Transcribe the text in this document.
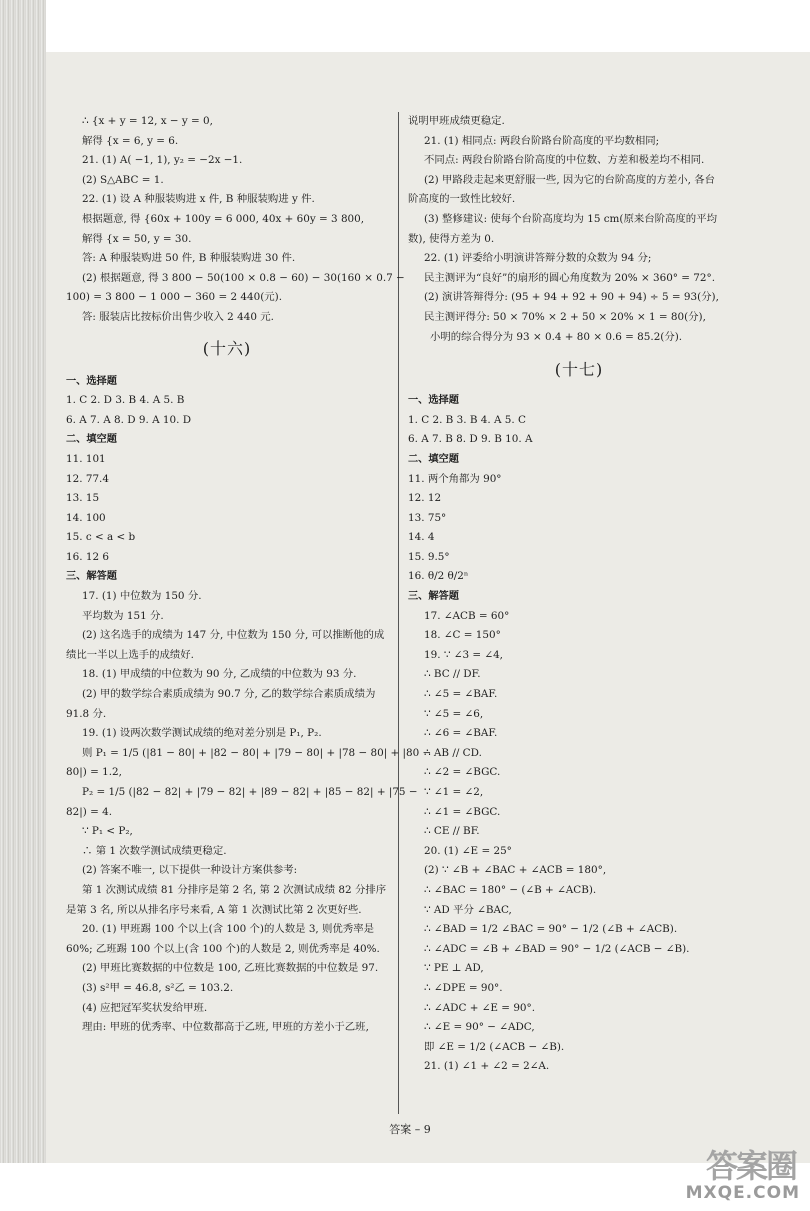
∴ {x + y = 12, x − y = 0,
解得 {x = 6, y = 6.
21. (1) A( −1, 1), y₂ = −2x −1.
(2) S△ABC = 1.
22. (1) 设 A 种服装购进 x 件, B 种服装购进 y 件.
根据题意, 得 {60x + 100y = 6 000, 40x + 60y = 3 800,
解得 {x = 50, y = 30.
答: A 种服装购进 50 件, B 种服装购进 30 件.
(2) 根据题意, 得 3 800 − 50(100 × 0.8 − 60) − 30(160 × 0.7 −
100) = 3 800 − 1 000 − 360 = 2 440(元).
答: 服装店比按标价出售少收入 2 440 元.
(十六)
一、选择题
1. C 2. D 3. B 4. A 5. B
6. A 7. A 8. D 9. A 10. D
二、填空题
11. 101
12. 77.4
13. 15
14. 100
15. c < a < b
16. 12 6
三、解答题
17. (1) 中位数为 150 分.
平均数为 151 分.
(2) 这名选手的成绩为 147 分, 中位数为 150 分, 可以推断他的成
绩比一半以上选手的成绩好.
18. (1) 甲成绩的中位数为 90 分, 乙成绩的中位数为 93 分.
(2) 甲的数学综合素质成绩为 90.7 分, 乙的数学综合素质成绩为
91.8 分.
19. (1) 设两次数学测试成绩的绝对差分别是 P₁, P₂.
则 P₁ = 1/5 (|81 − 80| + |82 − 80| + |79 − 80| + |78 − 80| + |80 −
80|) = 1.2,
P₂ = 1/5 (|82 − 82| + |79 − 82| + |89 − 82| + |85 − 82| + |75 −
82|) = 4.
∵ P₁ < P₂,
∴ 第 1 次数学测试成绩更稳定.
(2) 答案不唯一, 以下提供一种设计方案供参考:
第 1 次测试成绩 81 分排序是第 2 名, 第 2 次测试成绩 82 分排序
是第 3 名, 所以从排名序号来看, A 第 1 次测试比第 2 次更好些.
20. (1) 甲班踢 100 个以上(含 100 个)的人数是 3, 则优秀率是
60%; 乙班踢 100 个以上(含 100 个)的人数是 2, 则优秀率是 40%.
(2) 甲班比赛数据的中位数是 100, 乙班比赛数据的中位数是 97.
(3) s²甲 = 46.8, s²乙 = 103.2.
(4) 应把冠军奖状发给甲班.
理由: 甲班的优秀率、中位数都高于乙班, 甲班的方差小于乙班,
说明甲班成绩更稳定.
21. (1) 相同点: 两段台阶路台阶高度的平均数相同;
不同点: 两段台阶路台阶高度的中位数、方差和极差均不相同.
(2) 甲路段走起来更舒服一些, 因为它的台阶高度的方差小, 各台
阶高度的一致性比较好.
(3) 整修建议: 使每个台阶高度均为 15 cm(原来台阶高度的平均
数), 使得方差为 0.
22. (1) 评委给小明演讲答辩分数的众数为 94 分;
民主测评为“良好”的扇形的圆心角度数为 20% × 360° = 72°.
(2) 演讲答辩得分: (95 + 94 + 92 + 90 + 94) ÷ 5 = 93(分),
民主测评得分: 50 × 70% × 2 + 50 × 20% × 1 = 80(分),
小明的综合得分为 93 × 0.4 + 80 × 0.6 = 85.2(分).
(十七)
一、选择题
1. C 2. B 3. B 4. A 5. C
6. A 7. B 8. D 9. B 10. A
二、填空题
11. 两个角都为 90°
12. 12
13. 75°
14. 4
15. 9.5°
16. θ/2 θ/2ⁿ
三、解答题
17. ∠ACB = 60°
18. ∠C = 150°
19. ∵ ∠3 = ∠4,
∴ BC // DF.
∴ ∠5 = ∠BAF.
∵ ∠5 = ∠6,
∴ ∠6 = ∠BAF.
∴ AB // CD.
∴ ∠2 = ∠BGC.
∵ ∠1 = ∠2,
∴ ∠1 = ∠BGC.
∴ CE // BF.
20. (1) ∠E = 25°
(2) ∵ ∠B + ∠BAC + ∠ACB = 180°,
∴ ∠BAC = 180° − (∠B + ∠ACB).
∵ AD 平分 ∠BAC,
∴ ∠BAD = 1/2 ∠BAC = 90° − 1/2 (∠B + ∠ACB).
∴ ∠ADC = ∠B + ∠BAD = 90° − 1/2 (∠ACB − ∠B).
∵ PE ⊥ AD,
∴ ∠DPE = 90°.
∴ ∠ADC + ∠E = 90°.
∴ ∠E = 90° − ∠ADC,
即 ∠E = 1/2 (∠ACB − ∠B).
21. (1) ∠1 + ∠2 = 2∠A.
答案 – 9
答案圈
MXQE.COM
